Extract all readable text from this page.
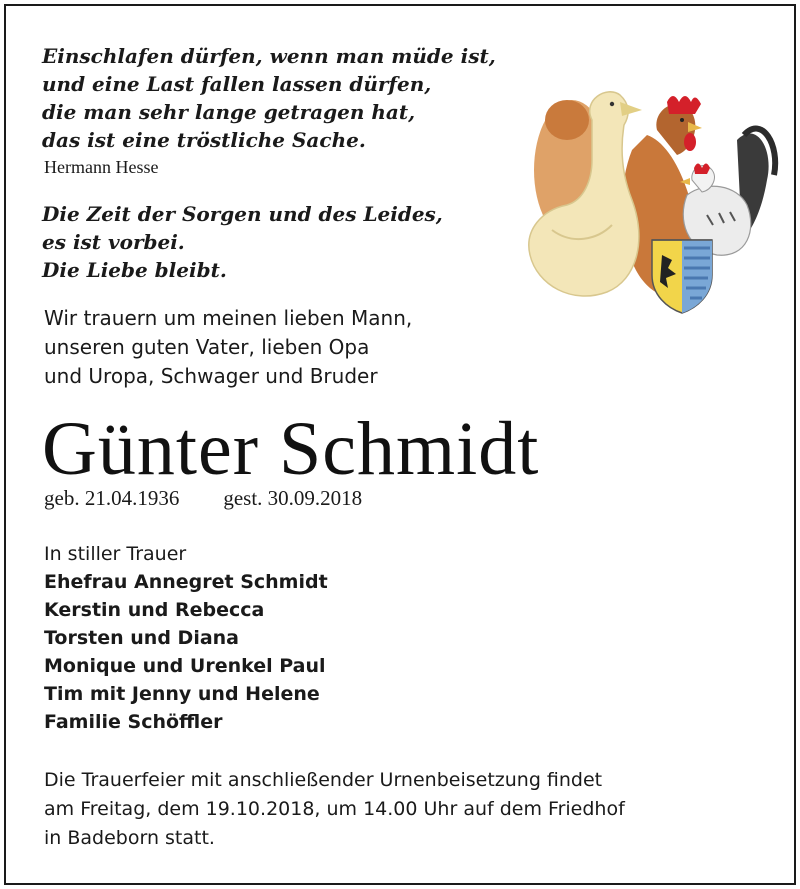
Einschlafen dürfen, wenn man müde ist,
und eine Last fallen lassen dürfen,
die man sehr lange getragen hat,
das ist eine tröstliche Sache.
Hermann Hesse
Die Zeit der Sorgen und des Leides,
es ist vorbei.
Die Liebe bleibt.
Wir trauern um meinen lieben Mann,
unseren guten Vater, lieben Opa
und Uropa, Schwager und Bruder
Günter Schmidt
geb. 21.04.1936 gest. 30.09.2018
In stiller Trauer
Ehefrau Annegret Schmidt
Kerstin und Rebecca
Torsten und Diana
Monique und Urenkel Paul
Tim mit Jenny und Helene
Familie Schöffler
Die Trauerfeier mit anschließender Urnenbeisetzung findet
am Freitag, dem 19.10.2018, um 14.00 Uhr auf dem Friedhof
in Badeborn statt.
